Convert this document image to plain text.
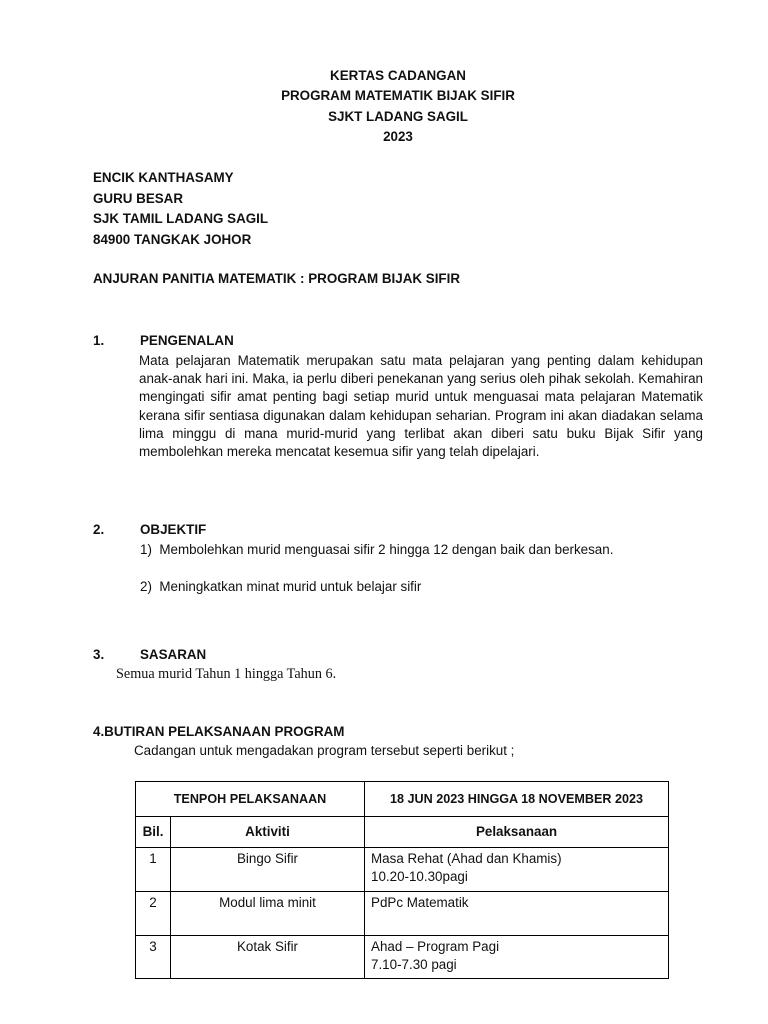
KERTAS CADANGAN
PROGRAM MATEMATIK BIJAK SIFIR
SJKT LADANG SAGIL
2023
ENCIK KANTHASAMY
GURU BESAR
SJK TAMIL LADANG SAGIL
84900 TANGKAK JOHOR
ANJURAN PANITIA MATEMATIK : PROGRAM BIJAK SIFIR
1.	PENGENALAN
Mata pelajaran Matematik merupakan satu mata pelajaran yang penting dalam kehidupan anak-anak hari ini. Maka, ia perlu diberi penekanan yang serius oleh pihak sekolah. Kemahiran mengingati sifir amat penting bagi setiap murid untuk menguasai mata pelajaran Matematik kerana sifir sentiasa digunakan dalam kehidupan seharian. Program ini akan diadakan selama lima minggu di mana murid-murid yang terlibat akan diberi satu buku Bijak Sifir yang membolehkan mereka mencatat kesemua sifir yang telah dipelajari.
2.	OBJEKTIF
1)  Membolehkan murid menguasai sifir 2 hingga 12 dengan baik dan berkesan.
2)  Meningkatkan minat murid untuk belajar sifir
3.	SASARAN
Semua murid Tahun 1 hingga Tahun 6.
4.BUTIRAN PELAKSANAAN PROGRAM
Cadangan untuk mengadakan program tersebut seperti berikut ;
TENPOH PELAKSANAAN		18 JUN 2023 HINGGA 18 NOVEMBER 2023
Bil.	Aktiviti	Pelaksanaan
1	Bingo Sifir	Masa Rehat (Ahad dan Khamis)
10.20-10.30pagi

2	Modul lima minit	PdPc Matematik

3	Kotak Sifir	Ahad – Program Pagi
7.10-7.30 pagi
